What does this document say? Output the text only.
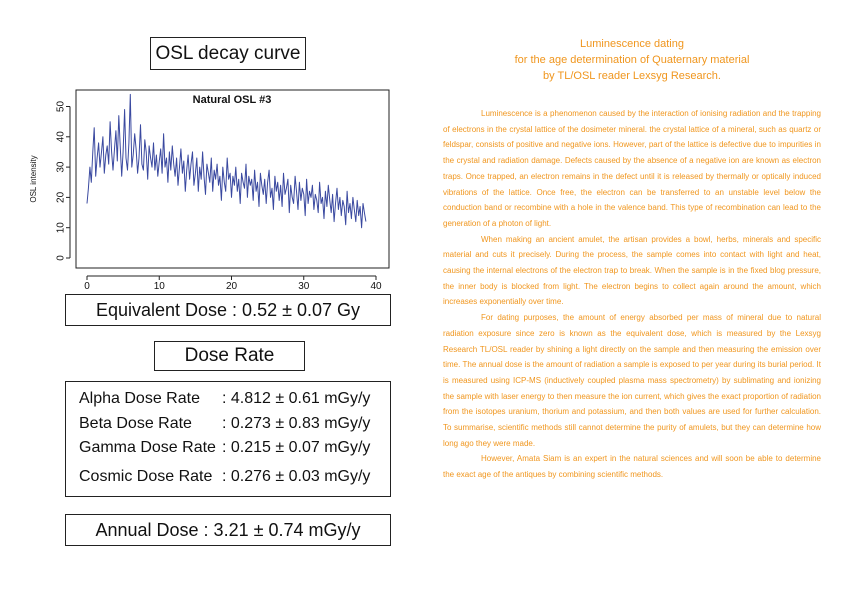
Natural OSL #3
0	10	20	30	40
0
10
20
30
40
50
OSL intensity
OSL decay curve
Equivalent Dose : 0.52 ± 0.07 Gy
Dose Rate
Alpha Dose Rate : 4.812 ± 0.61 mGy/y
Beta Dose Rate : 0.273 ± 0.83 mGy/y
Gamma Dose Rate : 0.215 ± 0.07 mGy/y
Cosmic Dose Rate : 0.276 ± 0.03 mGy/y
Annual Dose : 3.21 ± 0.74 mGy/y
Luminescence dating
for the age determination of Quaternary material
by TL/OSL reader Lexsyg Research.

Luminescence is a phenomenon caused by the interaction of ionising radiation and the trapping of electrons in the crystal lattice of the dosimeter mineral. the crystal lattice of a mineral, such as quartz or feldspar, consists of positive and negative ions. However, part of the lattice is defective due to impurities in the crystal and radiation damage. Defects caused by the absence of a negative ion are known as electron traps. Once trapped, an electron remains in the defect until it is released by thermally or optically induced vibrations of the lattice. Once free, the electron can be transferred to an unstable level below the conduction band or recombine with a hole in the valence band. This type of recombination can lead to the generation of a photon of light.

When making an ancient amulet, the artisan provides a bowl, herbs, minerals and specific material and cuts it precisely. During the process, the sample comes into contact with light and heat, causing the internal electrons of the electron trap to break. When the sample is in the fixed blog pressure, the inner body is blocked from light. The electron begins to collect again around the amount, which increases exponentially over time.

For dating purposes, the amount of energy absorbed per mass of mineral due to natural radiation exposure since zero is known as the equivalent dose, which is measured by the Lexsyg Research TL/OSL reader by shining a light directly on the sample and then measuring the emission over time. The annual dose is the amount of radiation a sample is exposed to per year during its burial period. It is measured using ICP-MS (inductively coupled plasma mass spectrometry) by sublimating and ionizing the sample with laser energy to then measure the ion current, which gives the exact proportion of radiation from the isotopes uranium, thorium and potassium, and then both values are used for further calculation. To summarise, scientific methods still cannot determine the purity of amulets, but they can determine how long ago they were made.

However, Amata Siam is an expert in the natural sciences and will soon be able to determine the exact age of the antiques by combining scientific methods.
